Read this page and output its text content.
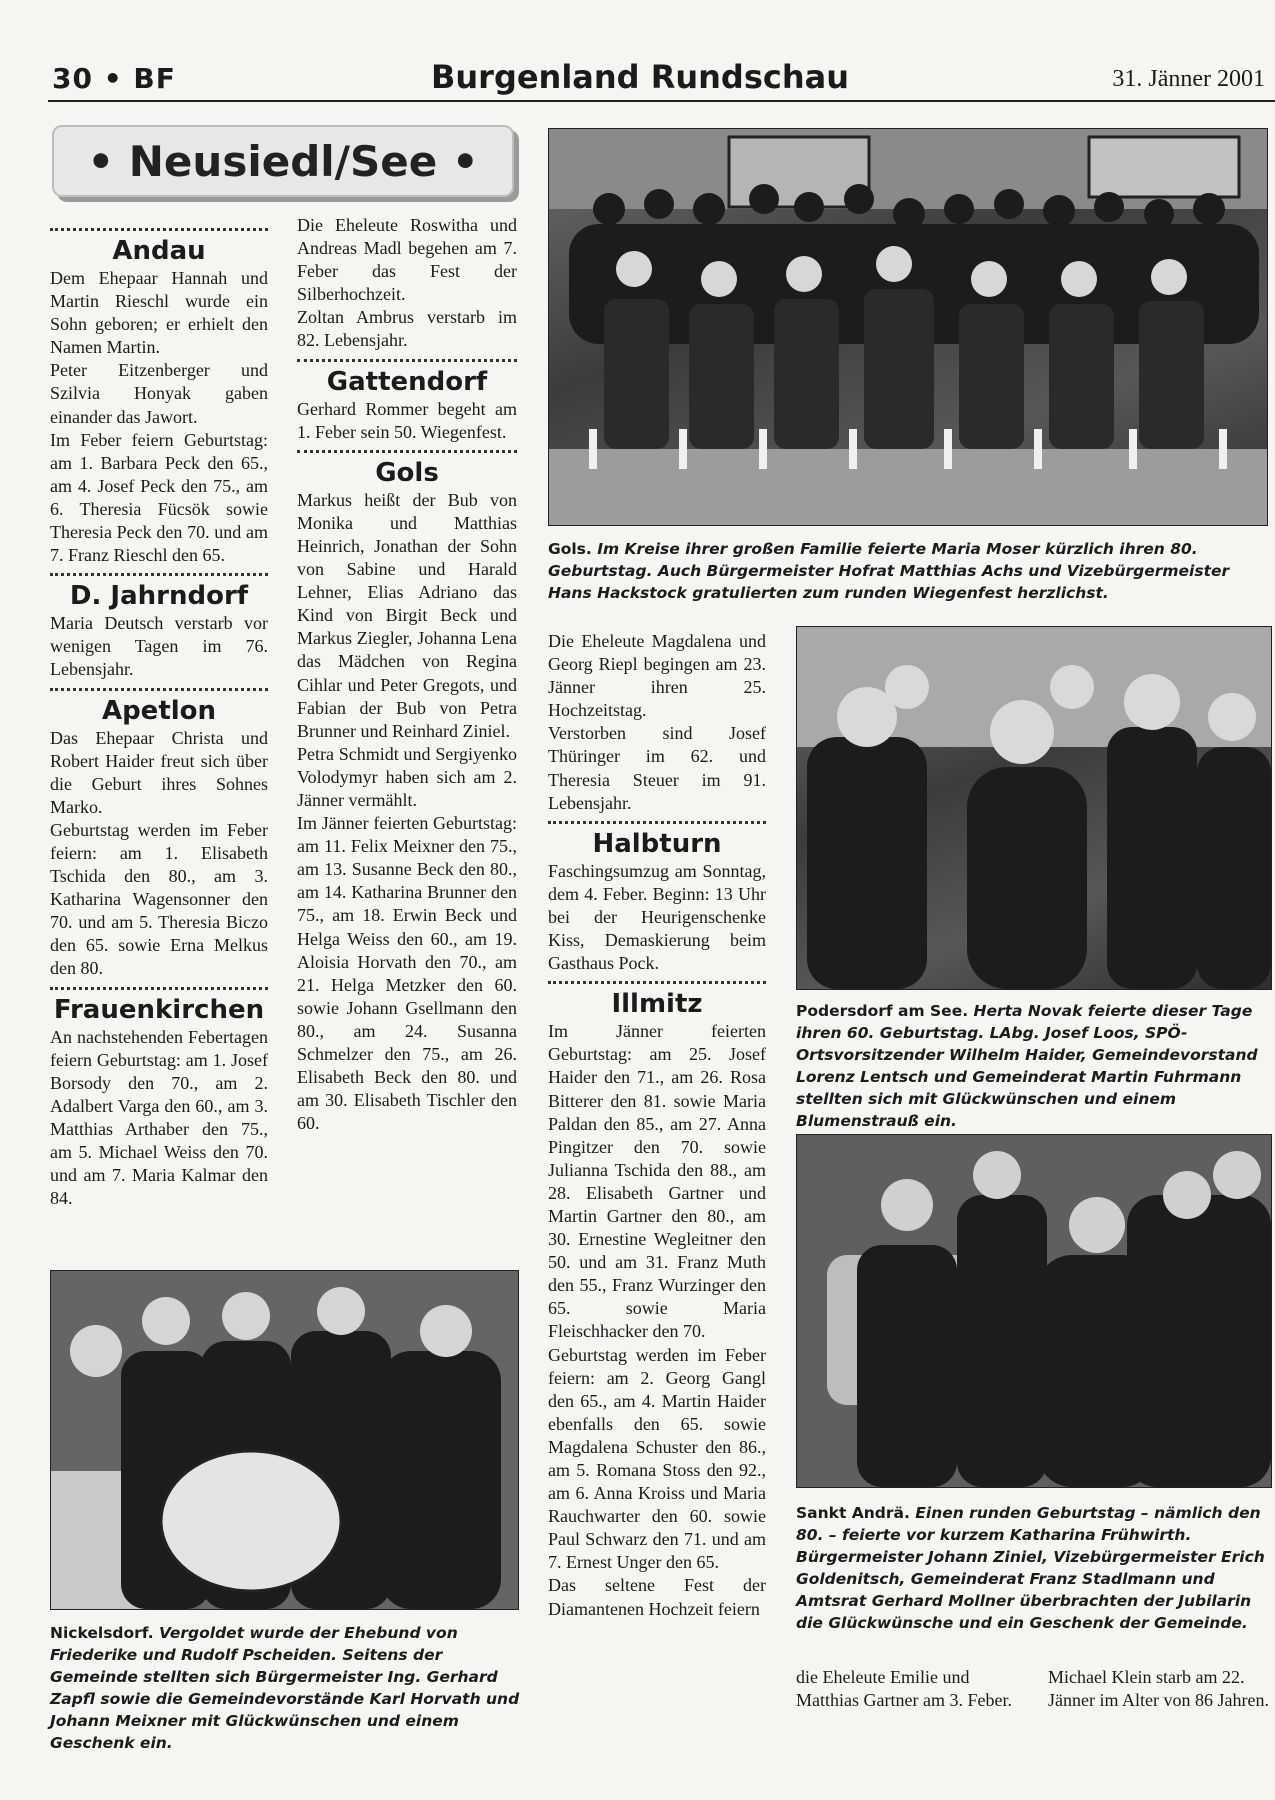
30 • BF	Burgenland Rundschau	31. Jänner 2001
• Neusiedl/See •
Andau

Dem Ehepaar Hannah und Martin Rieschl wurde ein Sohn geboren; er erhielt den Namen Martin.

Peter Eitzenberger und Szilvia Honyak gaben einander das Jawort.

Im Feber feiern Geburtstag: am 1. Barbara Peck den 65., am 4. Josef Peck den 75., am 6. Theresia Fücsök sowie Theresia Peck den 70. und am 7. Franz Rieschl den 65.

D. Jahrndorf

Maria Deutsch verstarb vor wenigen Tagen im 76. Lebensjahr.

Apetlon

Das Ehepaar Christa und Robert Haider freut sich über die Geburt ihres Sohnes Marko.

Geburtstag werden im Feber feiern: am 1. Elisabeth Tschida den 80., am 3. Katharina Wagensonner den 70. und am 5. Theresia Biczo den 65. sowie Erna Melkus den 80.

Frauenkirchen

An nachstehenden Febertagen feiern Geburtstag: am 1. Josef Borsody den 70., am 2. Adalbert Varga den 60., am 3. Matthias Arthaber den 75., am 5. Michael Weiss den 70. und am 7. Maria Kalmar den 84.

Die Eheleute Roswitha und Andreas Madl begehen am 7. Feber das Fest der Silberhochzeit.

Zoltan Ambrus verstarb im 82. Lebensjahr.

Gattendorf

Gerhard Rommer begeht am 1. Feber sein 50. Wiegenfest.

Gols

Markus heißt der Bub von Monika und Matthias Heinrich, Jonathan der Sohn von Sabine und Harald Lehner, Elias Adriano das Kind von Birgit Beck und Markus Ziegler, Johanna Lena das Mädchen von Regina Cihlar und Peter Gregots, und Fabian der Bub von Petra Brunner und Reinhard Ziniel.

Petra Schmidt und Sergiyenko Volodymyr haben sich am 2. Jänner vermählt.

Im Jänner feierten Geburtstag: am 11. Felix Meixner den 75., am 13. Susanne Beck den 80., am 14. Katharina Brunner den 75., am 18. Erwin Beck und Helga Weiss den 60., am 19. Aloisia Horvath den 70., am 21. Helga Metzker den 60. sowie Johann Gsellmann den 80., am 24. Susanna Schmelzer den 75., am 26. Elisabeth Beck den 80. und am 30. Elisabeth Tischler den 60.

Gols. Im Kreise ihrer großen Familie feierte Maria Moser kürzlich ihren 80. Geburtstag. Auch Bürgermeister Hofrat Matthias Achs und Vizebürgermeister Hans Hackstock gratulierten zum runden Wiegenfest herzlichst.

Die Eheleute Magdalena und Georg Riepl begingen am 23. Jänner ihren 25. Hochzeitstag.

Verstorben sind Josef Thüringer im 62. und Theresia Steuer im 91. Lebensjahr.

Halbturn

Faschingsumzug am Sonntag, dem 4. Feber. Beginn: 13 Uhr bei der Heurigenschenke Kiss, Demaskierung beim Gasthaus Pock.

Illmitz

Im Jänner feierten Geburtstag: am 25. Josef Haider den 71., am 26. Rosa Bitterer den 81. sowie Maria Paldan den 85., am 27. Anna Pingitzer den 70. sowie Julianna Tschida den 88., am 28. Elisabeth Gartner und Martin Gartner den 80., am 30. Ernestine Wegleitner den 50. und am 31. Franz Muth den 55., Franz Wurzinger den 65. sowie Maria Fleischhacker den 70.

Geburtstag werden im Feber feiern: am 2. Georg Gangl den 65., am 4. Martin Haider ebenfalls den 65. sowie Magdalena Schuster den 86., am 5. Romana Stoss den 92., am 6. Anna Kroiss und Maria Rauchwarter den 60. sowie Paul Schwarz den 71. und am 7. Ernest Unger den 65.

Das seltene Fest der Diamantenen Hochzeit feiern

Podersdorf am See. Herta Novak feierte dieser Tage ihren 60. Geburtstag. LAbg. Josef Loos, SPÖ-Ortsvorsitzender Wilhelm Haider, Gemeindevorstand Lorenz Lentsch und Gemeinderat Martin Fuhrmann stellten sich mit Glückwünschen und einem Blumenstrauß ein.
Sankt Andrä. Einen runden Geburtstag – nämlich den 80. – feierte vor kurzem Katharina Frühwirth. Bürgermeister Johann Ziniel, Vizebürgermeister Erich Goldenitsch, Gemeinderat Franz Stadlmann und Amtsrat Gerhard Mollner überbrachten der Jubilarin die Glückwünsche und ein Geschenk der Gemeinde.
Nickelsdorf. Vergoldet wurde der Ehebund von Friederike und Rudolf Pscheiden. Seitens der Gemeinde stellten sich Bürgermeister Ing. Gerhard Zapfl sowie die Gemeindevorstände Karl Horvath und Johann Meixner mit Glückwünschen und einem Geschenk ein.
die Eheleute Emilie und Matthias Gartner am 3. Feber.
Michael Klein starb am 22. Jänner im Alter von 86 Jahren.
